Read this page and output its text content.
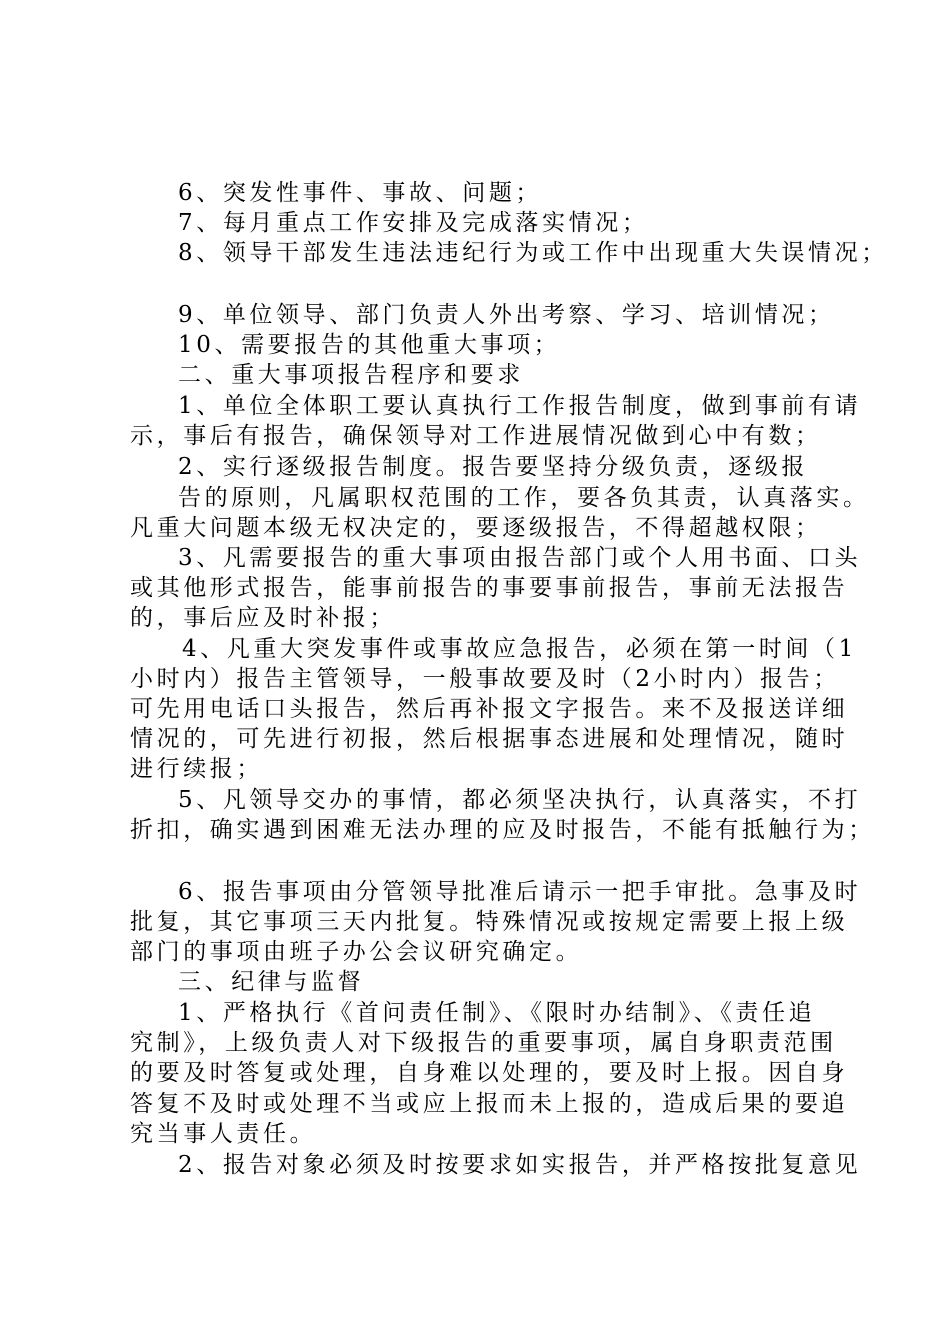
6、突发性事件、事故、问题；

7、每月重点工作安排及完成落实情况；

8、领导干部发生违法违纪行为或工作中出现重大失误情况；

9、单位领导、部门负责人外出考察、学习、培训情况；

10、需要报告的其他重大事项；

二、重大事项报告程序和要求

1、单位全体职工要认真执行工作报告制度，做到事前有请

示，事后有报告，确保领导对工作进展情况做到心中有数；

2、实行逐级报告制度。报告要坚持分级负责，逐级报

告的原则，凡属职权范围的工作，要各负其责，认真落实。

凡重大问题本级无权决定的，要逐级报告，不得超越权限；

3、凡需要报告的重大事项由报告部门或个人用书面、口头

或其他形式报告，能事前报告的事要事前报告，事前无法报告

的，事后应及时补报；

4、凡重大突发事件或事故应急报告，必须在第一时间（1

小时内）报告主管领导，一般事故要及时（2小时内）报告；

可先用电话口头报告，然后再补报文字报告。来不及报送详细

情况的，可先进行初报，然后根据事态进展和处理情况，随时

进行续报；

5、凡领导交办的事情，都必须坚决执行，认真落实，不打

折扣，确实遇到困难无法办理的应及时报告，不能有抵触行为；

6、报告事项由分管领导批准后请示一把手审批。急事及时

批复，其它事项三天内批复。特殊情况或按规定需要上报上级

部门的事项由班子办公会议研究确定。

三、纪律与监督

1、严格执行《首问责任制》、《限时办结制》、《责任追

究制》，上级负责人对下级报告的重要事项，属自身职责范围

的要及时答复或处理，自身难以处理的，要及时上报。因自身

答复不及时或处理不当或应上报而未上报的，造成后果的要追

究当事人责任。

2、报告对象必须及时按要求如实报告，并严格按批复意见
